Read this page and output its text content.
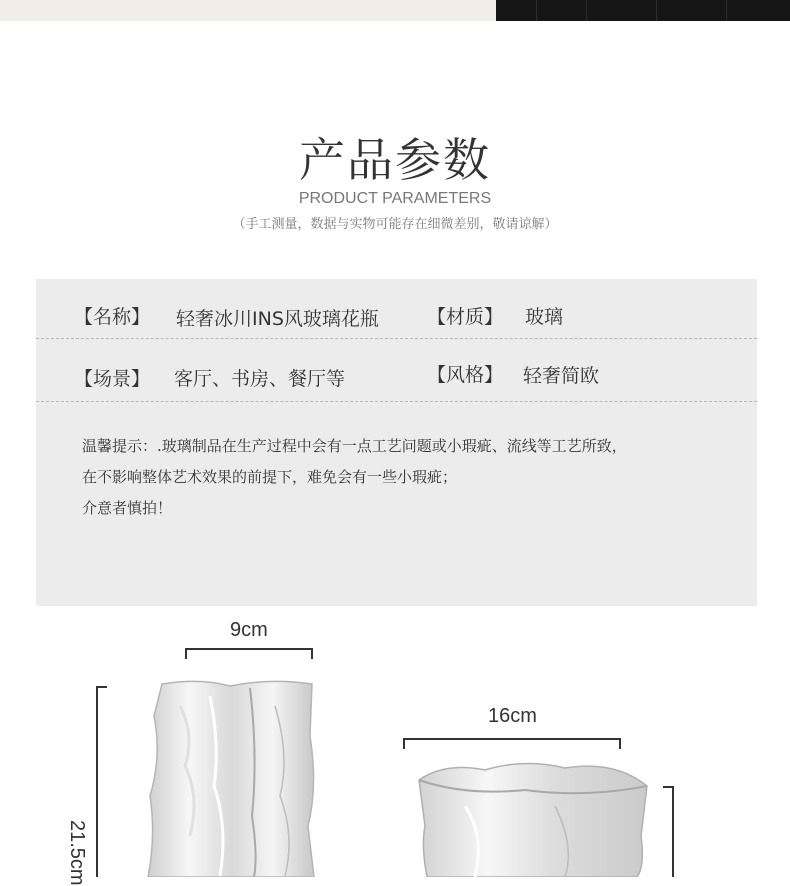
产品参数
PRODUCT PARAMETERS
（手工测量，数据与实物可能存在细微差别，敬请谅解）
【名称】 轻奢冰川INS风玻璃花瓶	【材质】 玻璃
【场景】 客厅、书房、餐厅等	【风格】 轻奢简欧
温馨提示：.玻璃制品在生产过程中会有一点工艺问题或小瑕疵、流线等工艺所致，
在不影响整体艺术效果的前提下，难免会有一些小瑕疵；
介意者慎拍！
9cm
21.5cm
16cm
